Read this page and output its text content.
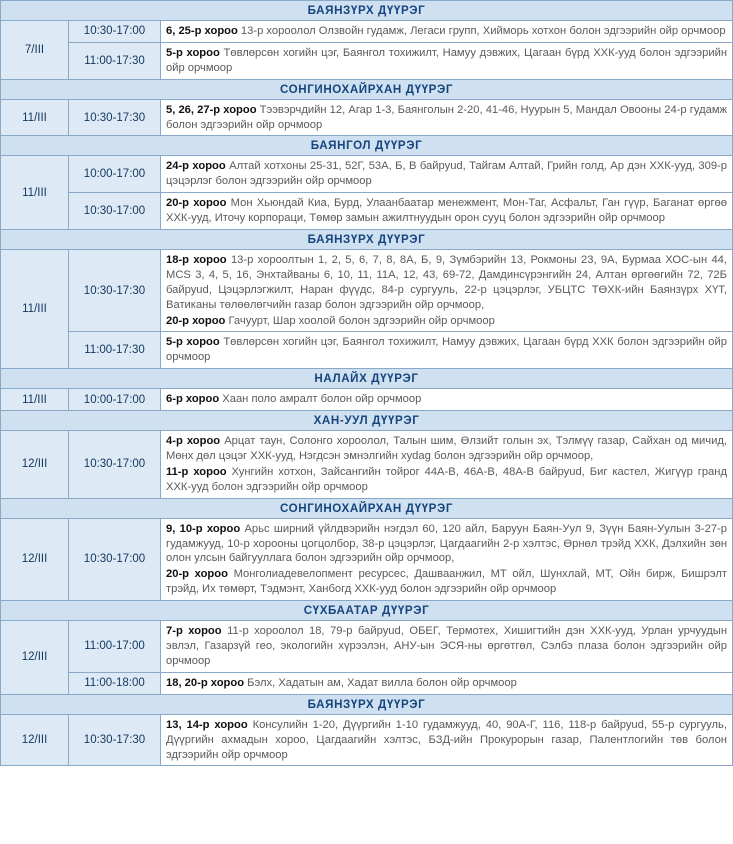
БАЯНЗҮРХ ДҮҮРЭГ		
7/III	10:30-17:00	6, 25-р хороо 13-р хороолол Олзвойн гудамж, Легаси групп, Хийморь хотхон болон эдгээрийн ойр орчмоор

	11:00-17:30	5-р хороо Төвлөрсөн хогийн цэг, Баянгол тохижилт, Намуу дэвжих, Цагаан бүрд ХХК-ууд болон эдгээрийн ойр орчмоор

СОНГИНОХАЙРХАН ДҮҮРЭГ		
11/III	10:30-17:30	5, 26, 27-р хороо Тээвэрчдийн 12, Агар 1-3, Баянголын 2-20, 41-46, Нуурын 5, Мандал Овооны 24-р гудамж болон эдгээрийн ойр орчмоор

БАЯНГОЛ ДҮҮРЭГ		
11/III	10:00-17:00	24-р хороо Алтай хотхоны 25-31, 52Г, 53А, Б, В байруud, Тайгам Алтай, Грийн голд, Ар дэн ХХК-ууд, 309-р цэцэрлэг болон эдгээрийн ойр орчмоор

	10:30-17:00	20-р хороо Мон Хьюндай Киа, Бурд, Улаанбаатар менежмент, Мон-Таг, Асфальт, Ган гүүр, Баганат өргөө ХХК-ууд, Иточу корпораци, Төмөр замын ажилтнуудын орон сууц болон эдгээрийн ойр орчмоор

БАЯНЗҮРХ ДҮҮРЭГ		
11/III	10:30-17:30	18-р хороо 13-р хороолтын 1, 2, 5, 6, 7, 8, 8А, Б, 9, Зүмбэрийн 13, Рокмоны 23, 9А, Бурмаа ХОС-ын 44, MCS 3, 4, 5, 16, Энхтайваны 6, 10, 11, 11А, 12, 43, 69-72, Дамдинсүрэнгийн 24, Алтан өргөөгийн 72, 72Б байруud, Цэцэрлэгжилт, Наран фүүдс, 84-р сургууль, 22-р цэцэрлэг, УБЦТС ТӨХК-ийн Баянзүрх ХҮТ, Ватиканы төлөөлөгчийн газар болон эдгээрийн ойр орчмоор,
20-р хороо Гачуурт, Шар хоолой болон эдгээрийн ойр орчмоор

	11:00-17:30	5-р хороо Төвлөрсөн хогийн цэг, Баянгол тохижилт, Намуу дэвжих, Цагаан бүрд ХХК болон эдгээрийн ойр орчмоор

НАЛАЙХ ДҮҮРЭГ		
11/III	10:00-17:00	6-р хороо Хаан поло амралт болон ойр орчмоор

ХАН-УУЛ ДҮҮРЭГ		
12/III	10:30-17:00	4-р хороо Арцат таун, Солонго хороолол, Талын шим, Өлзийт голын эх, Тэлмүү газар, Сайхан од мичид, Мөнх дөл цэцэг ХХК-ууд, Нэгдсэн эмнэлгийн хуdag болон эдгээрийн ойр орчмоор,
11-р хороо Хунгийн хотхон, Зайсангийн тойрог 44А-В, 46А-В, 48А-В байруud, Биг кастел, Жигүүр гранд ХХК-ууд болон эдгээрийн ойр орчмоор

СОНГИНОХАЙРХАН ДҮҮРЭГ		
12/III	10:30-17:00	9, 10-р хороо Арьс ширний үйлдвэрийн нэгдэл 60, 120 айл, Баруун Баян-Уул 9, Зүүн Баян-Уулын 3-27-р гудамжууд, 10-р хорооны цогцолбор, 38-р цэцэрлэг, Цагдаагийн 2-р хэлтэс, Өрнөл трэйд ХХК, Дэлхийн зөн олон улсын байгууллага болон эдгээрийн ойр орчмоор,
20-р хороо Монголиадевелопмент ресурсес, Дашваанжил, МТ ойл, Шунхлай, МТ, Ойн бирж, Бишрэлт трэйд, Их төмөрт, Тэдмэнт, Ханбогд ХХК-ууд болон эдгээрийн ойр орчмоор

СҮХБААТАР ДҮҮРЭГ		
12/III	11:00-17:00	7-р хороо 11-р хороолол 18, 79-р байруud, ОБЕГ, Термотех, Хишигтийн дэн ХХК-ууд, Урлан урчуудын эвлэл, Газарзүй гео, экологийн хүрээлэн, АНУ-ын ЭСЯ-ны өргөтгөл, Сэлбэ плаза болон эдгээрийн ойр орчмоор

	11:00-18:00	18, 20-р хороо Бэлх, Хадатын ам, Хадат вилла болон ойр орчмоор

БАЯНЗҮРХ ДҮҮРЭГ		
12/III	10:30-17:30	13, 14-р хороо Консулийн 1-20, Дүүргийн 1-10 гудамжууд, 40, 90А-Г, 116, 118-р байруud, 55-р сургууль, Дүүргийн ахмадын хороо, Цагдаагийн хэлтэс, БЗД-ийн Прокурорын газар, Палентлогийн төв болон эдгээрийн ойр орчмоор
